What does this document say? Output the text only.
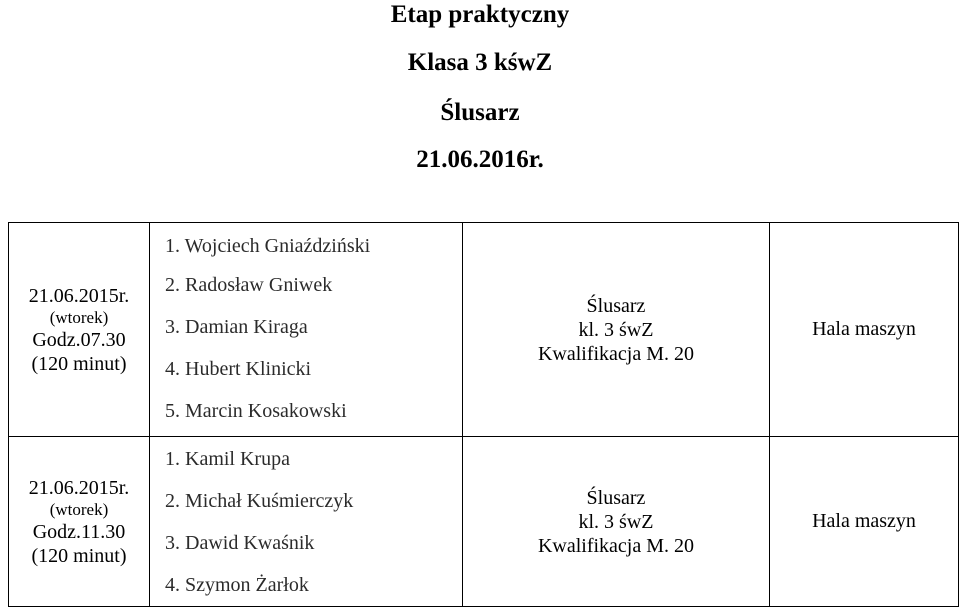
Etap praktyczny
Klasa 3 kśwZ
Ślusarz
21.06.2016r.
21.06.2015r.
(wtorek)
Godz.07.30
(120 minut)	1. Wojciech Gniaździński
2. Radosław Gniwek
3. Damian Kiraga
4. Hubert Klinicki
5. Marcin Kosakowski	Ślusarz
kl. 3 śwZ
Kwalifikacja M. 20	Hala maszyn

21.06.2015r.
(wtorek)
Godz.11.30
(120 minut)	1. Kamil Krupa
2. Michał Kuśmierczyk
3. Dawid Kwaśnik
4. Szymon Żarłok	Ślusarz
kl. 3 śwZ
Kwalifikacja M. 20	Hala maszyn
